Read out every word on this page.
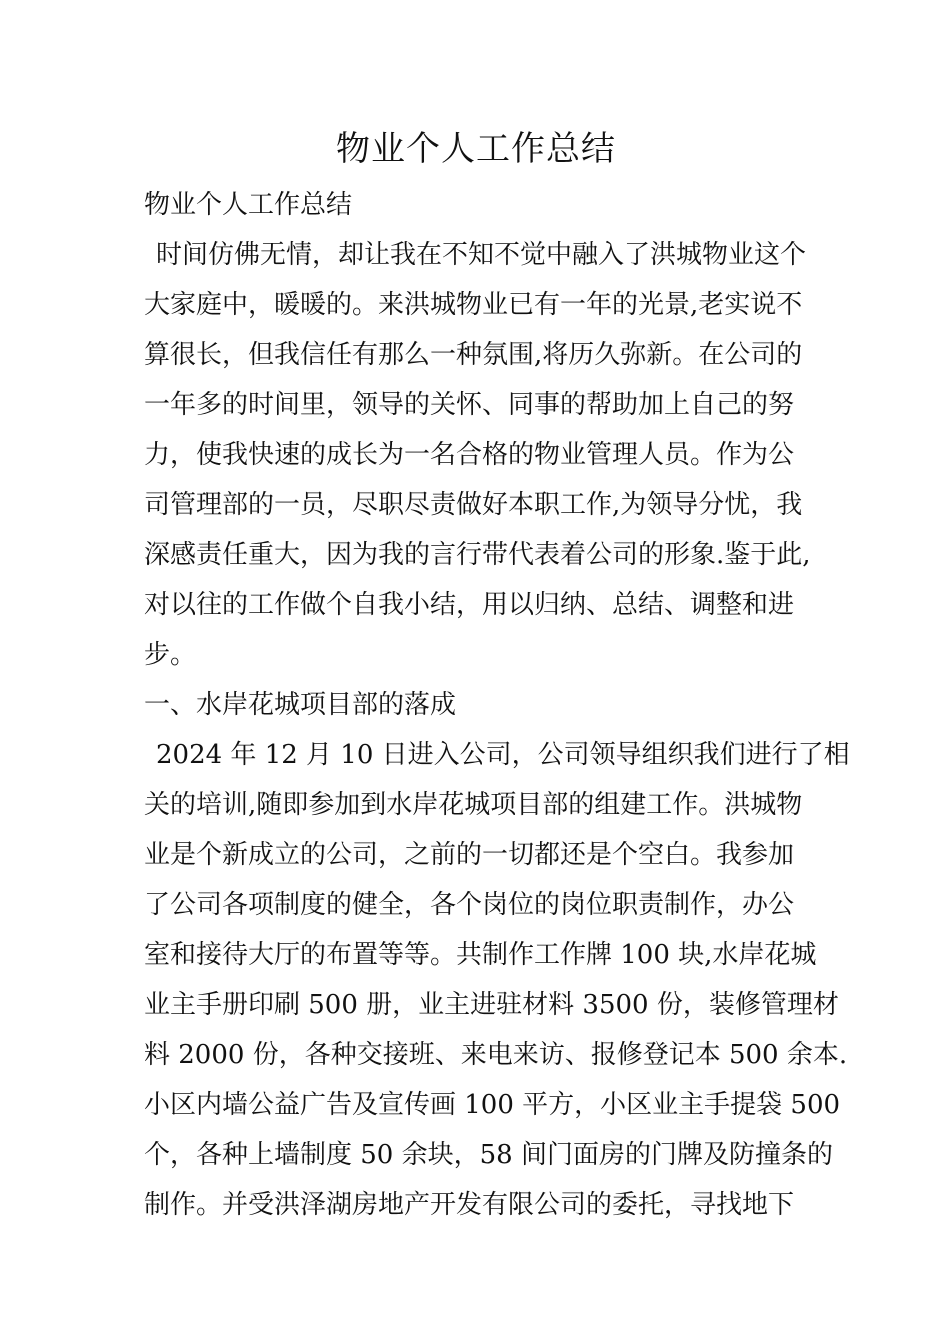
物业个人工作总结

物业个人工作总结

时间仿佛无情，却让我在不知不觉中融入了洪城物业这个

大家庭中，暖暖的。来洪城物业已有一年的光景,老实说不

算很长，但我信任有那么一种氛围,将历久弥新。在公司的

一年多的时间里，领导的关怀、同事的帮助加上自己的努

力，使我快速的成长为一名合格的物业管理人员。作为公

司管理部的一员，尽职尽责做好本职工作,为领导分忧，我

深感责任重大，因为我的言行带代表着公司的形象.鉴于此,

对以往的工作做个自我小结，用以归纳、总结、调整和进

步。

一、水岸花城项目部的落成

2024 年 12 月 10 日进入公司，公司领导组织我们进行了相

关的培训,随即参加到水岸花城项目部的组建工作。洪城物

业是个新成立的公司，之前的一切都还是个空白。我参加

了公司各项制度的健全，各个岗位的岗位职责制作，办公

室和接待大厅的布置等等。共制作工作牌 100 块,水岸花城

业主手册印刷 500 册，业主进驻材料 3500 份，装修管理材

料 2000 份，各种交接班、来电来访、报修登记本 500 余本.

小区内墙公益广告及宣传画 100 平方，小区业主手提袋 500

个，各种上墙制度 50 余块，58 间门面房的门牌及防撞条的

制作。并受洪泽湖房地产开发有限公司的委托，寻找地下
